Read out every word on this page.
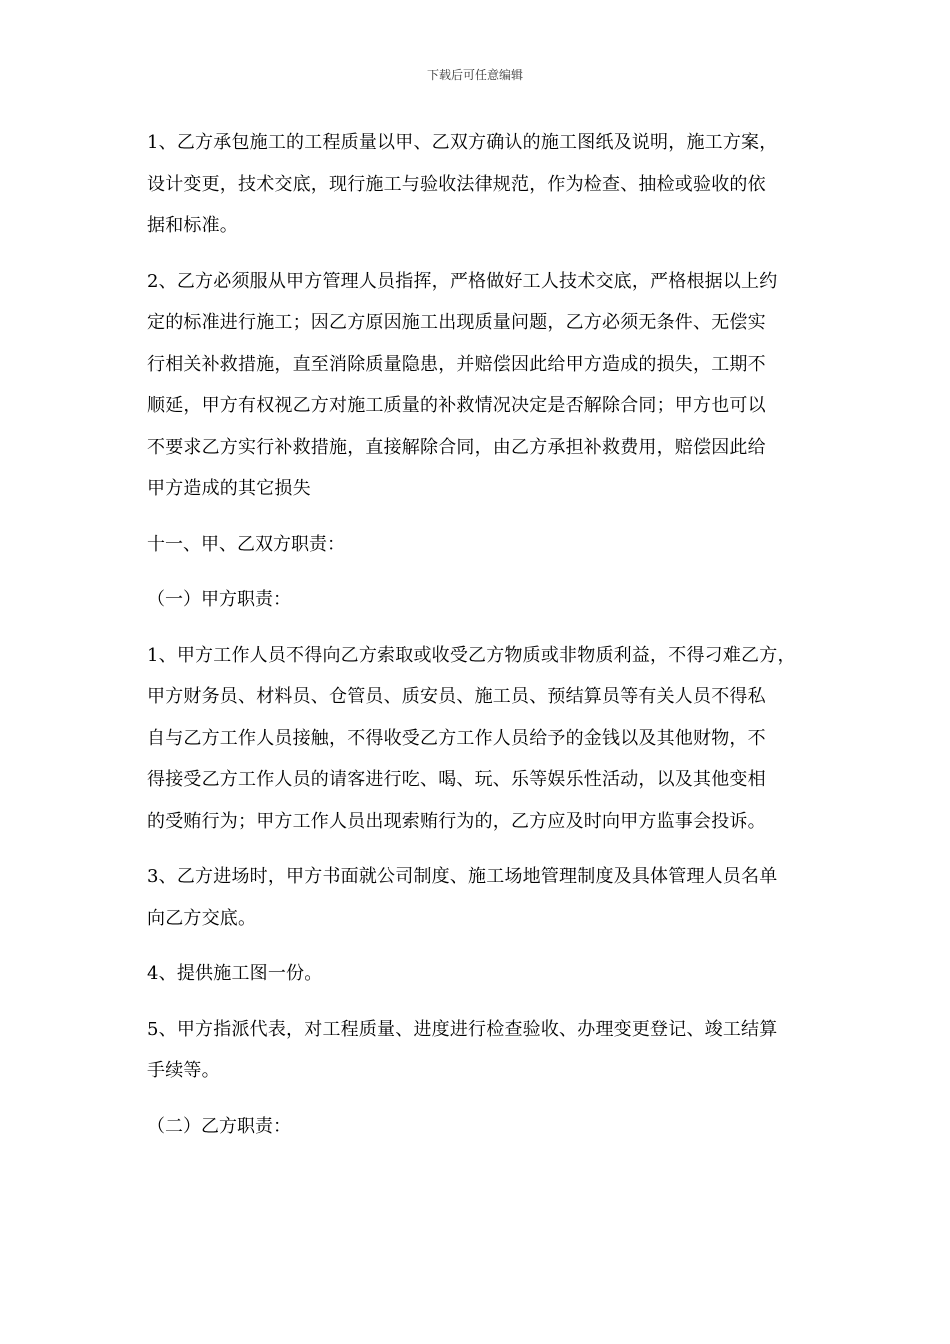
下载后可任意编辑

1、乙方承包施工的工程质量以甲、乙双方确认的施工图纸及说明，施工方案，
设计变更，技术交底，现行施工与验收法律规范，作为检查、抽检或验收的依
据和标准。

2、乙方必须服从甲方管理人员指挥，严格做好工人技术交底，严格根据以上约
定的标准进行施工；因乙方原因施工出现质量问题，乙方必须无条件、无偿实
行相关补救措施，直至消除质量隐患，并赔偿因此给甲方造成的损失，工期不
顺延，甲方有权视乙方对施工质量的补救情况决定是否解除合同；甲方也可以
不要求乙方实行补救措施，直接解除合同，由乙方承担补救费用，赔偿因此给
甲方造成的其它损失

十一、甲、乙双方职责：

（一）甲方职责：

1、甲方工作人员不得向乙方索取或收受乙方物质或非物质利益，不得刁难乙方，
甲方财务员、材料员、仓管员、质安员、施工员、预结算员等有关人员不得私
自与乙方工作人员接触，不得收受乙方工作人员给予的金钱以及其他财物，不
得接受乙方工作人员的请客进行吃、喝、玩、乐等娱乐性活动，以及其他变相
的受贿行为；甲方工作人员出现索贿行为的，乙方应及时向甲方监事会投诉。

3、乙方进场时，甲方书面就公司制度、施工场地管理制度及具体管理人员名单
向乙方交底。

4、提供施工图一份。

5、甲方指派代表，对工程质量、进度进行检查验收、办理变更登记、竣工结算
手续等。

（二）乙方职责：
